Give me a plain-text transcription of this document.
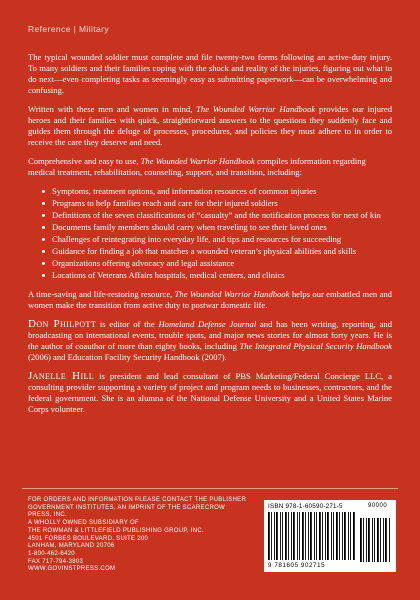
Reference | Military

The typical wounded soldier must complete and file twenty-two forms following an active-duty injury. To many soldiers and their families coping with the shock and reality of the injuries, figuring out what to do next—even completing tasks as seemingly easy as submitting paperwork—can be overwhelming and confusing.

Written with these men and women in mind, The Wounded Warrior Handbook provides our injured heroes and their families with quick, straightforward answers to the questions they suddenly face and guides them through the deluge of processes, procedures, and policies they must adhere to in order to receive the care they deserve and need.

Comprehensive and easy to use, The Wounded Warrior Handbook compiles information regarding medical treatment, rehabilitation, counseling, support, and transition, including:

Symptoms, treatment options, and information resources of common injuries
Programs to help families reach and care for their injured soldiers
Definitions of the seven classifications of “casualty” and the notification process for next of kin
Documents family members should carry when traveling to see their loved ones
Challenges of reintegrating into everyday life, and tips and resources for succeeding
Guidance for finding a job that matches a wounded veteran’s physical abilities and skills
Organizations offering advocacy and legal assistance
Locations of Veterans Affairs hospitals, medical centers, and clinics

A time-saving and life-restoring resource, The Wounded Warrior Handbook helps our embattled men and women make the transition from active duty to postwar domestic life.

Don Philpott is editor of the Homeland Defense Journal and has been writing, reporting, and broadcasting on international events, trouble spots, and major news stories for almost forty years. He is the author of coauthor of more than eighty books, including The Integrated Physical Security Handbook (2006) and Education Facility Security Handbook (2007).

Janelle Hill is president and lead consultant of PBS Marketing/Federal Concierge LLC, a consulting provider supporting a variety of project and program needs to businesses, contractors, and the federal government. She is an alumna of the National Defense University and a United States Marine Corps volunteer.

FOR ORDERS AND INFORMATION PLEASE CONTACT THE PUBLISHER
GOVERNMENT INSTITUTES, AN IMPRINT OF THE SCARECROW PRESS, INC.
A WHOLLY OWNED SUBSIDIARY OF
THE ROWMAN & LITTLEFIELD PUBLISHING GROUP, INC.
4501 FORBES BOULEVARD, SUITE 200
LANHAM, MARYLAND 20706
1-800-462-6420
FAX 717-794-3803
WWW.GOVINSTPRESS.COM
ISBN 978-1-60590-271-5	90000
9 781605 902715
